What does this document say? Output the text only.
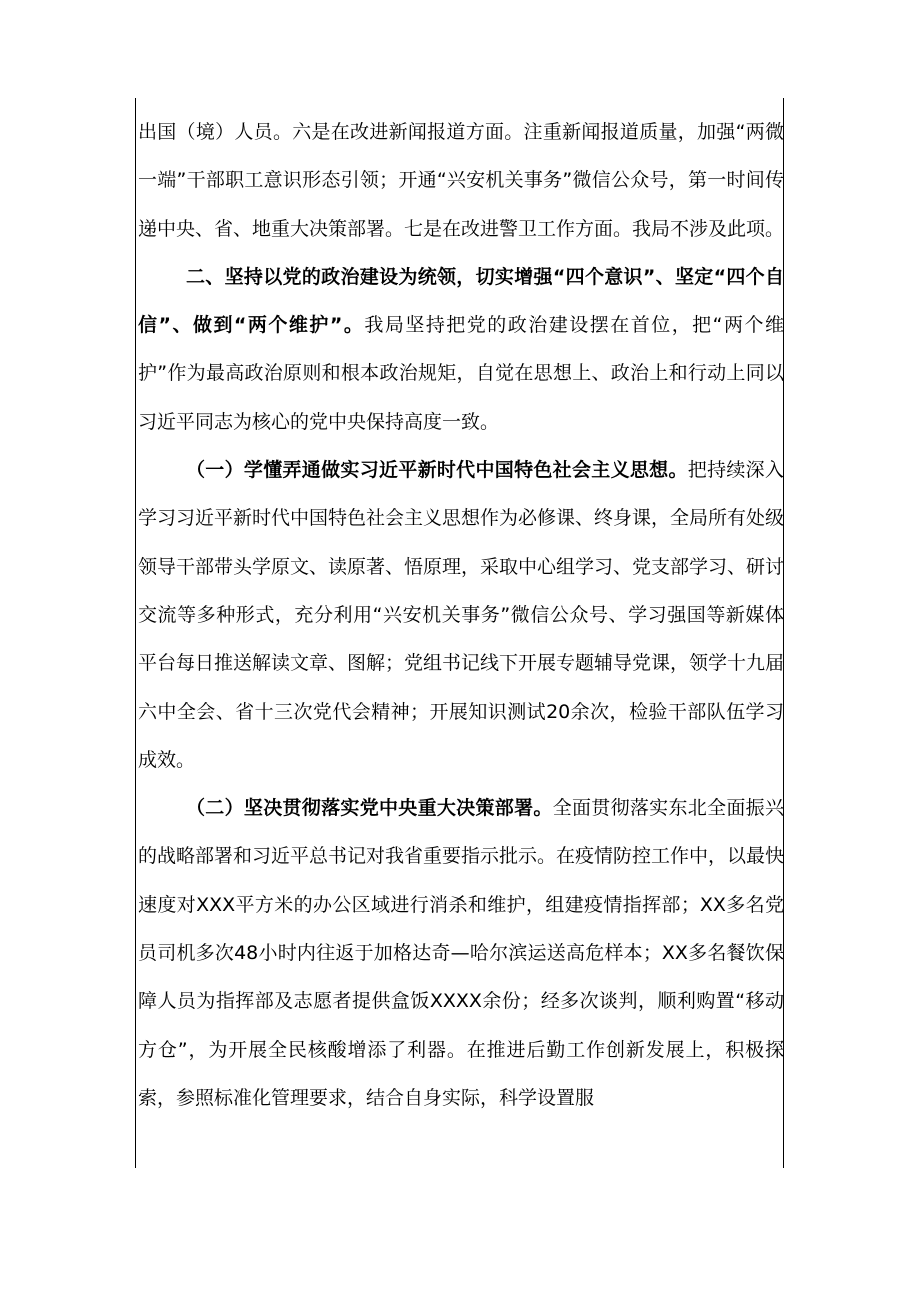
出国（境）人员。六是在改进新闻报道方面。注重新闻报道质量，加强“两微一端”干部职工意识形态引领；开通“兴安机关事务”微信公众号，第一时间传递中央、省、地重大决策部署。七是在改进警卫工作方面。我局不涉及此项。

二、坚持以党的政治建设为统领，切实增强“四个意识”、坚定“四个自信”、做到“两个维护”。我局坚持把党的政治建设摆在首位，把“两个维护”作为最高政治原则和根本政治规矩，自觉在思想上、政治上和行动上同以习近平同志为核心的党中央保持高度一致。

（一）学懂弄通做实习近平新时代中国特色社会主义思想。把持续深入学习习近平新时代中国特色社会主义思想作为必修课、终身课，全局所有处级领导干部带头学原文、读原著、悟原理，采取中心组学习、党支部学习、研讨交流等多种形式，充分利用“兴安机关事务”微信公众号、学习强国等新媒体平台每日推送解读文章、图解；党组书记线下开展专题辅导党课，领学十九届六中全会、省十三次党代会精神；开展知识测试20余次，检验干部队伍学习成效。

（二）坚决贯彻落实党中央重大决策部署。全面贯彻落实东北全面振兴的战略部署和习近平总书记对我省重要指示批示。在疫情防控工作中，以最快速度对XXX平方米的办公区域进行消杀和维护，组建疫情指挥部；XX多名党员司机多次48小时内往返于加格达奇—哈尔滨运送高危样本；XX多名餐饮保障人员为指挥部及志愿者提供盒饭XXXX余份；经多次谈判，顺利购置“移动方仓”，为开展全民核酸增添了利器。在推进后勤工作创新发展上，积极探索，参照标准化管理要求，结合自身实际，科学设置服
